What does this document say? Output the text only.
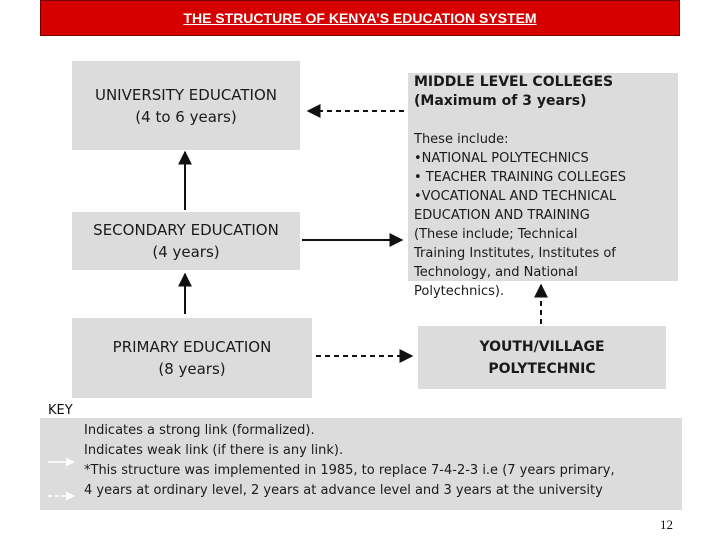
THE STRUCTURE OF KENYA’S EDUCATION SYSTEM
UNIVERSITY EDUCATION
(4 to 6 years)
SECONDARY EDUCATION
(4 years)
PRIMARY EDUCATION
(8 years)
MIDDLE LEVEL COLLEGES
(Maximum of 3 years)
These include:
•NATIONAL POLYTECHNICS
• TEACHER TRAINING COLLEGES
•VOCATIONAL AND TECHNICAL
EDUCATION AND TRAINING
(These include; Technical
Training Institutes, Institutes of
Technology, and National Polytechnics).
YOUTH/VILLAGE
POLYTECHNIC
KEY
Indicates a strong link (formalized).
Indicates weak link (if there is any link).
*This structure was implemented in 1985, to replace 7-4-2-3 i.e (7 years primary,
4 years at ordinary level, 2 years at advance level and 3 years at the university
12
